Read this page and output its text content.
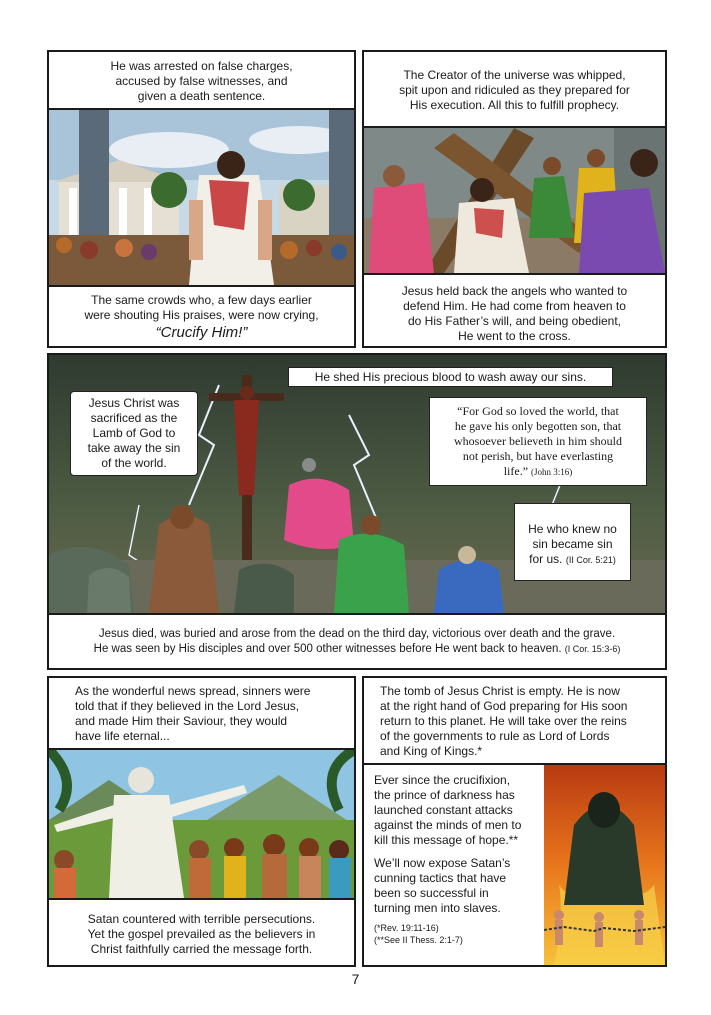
He was arrested on false charges,

accused by false witnesses, and

given a death sentence.

The same crowds who, a few days earlier

were shouting His praises, were now crying,

“Crucify Him!”

The Creator of the universe was whipped,

spit upon and ridiculed as they prepared for

His execution. All this to fulfill prophecy.

Jesus held back the angels who wanted to

defend Him. He had come from heaven to

do His Father’s will, and being obedient,

He went to the cross.

He shed His precious blood to wash away our sins.

Jesus Christ was

sacrificed as the

Lamb of God to

take away the sin

of the world.

“For God so loved the world, that

he gave his only begotten son, that

whosoever believeth in him should

not perish, but have everlasting

life.” (John 3:16)

He who knew no

sin became sin

for us. (II Cor. 5:21)

Jesus died, was buried and arose from the dead on the third day, victorious over death and the grave.

He was seen by His disciples and over 500 other witnesses before He went back to heaven. (I Cor. 15:3-6)

As the wonderful news spread, sinners were

told that if they believed in the Lord Jesus,

and made Him their Saviour, they would

have life eternal...

Satan countered with terrible persecutions.

Yet the gospel prevailed as the believers in

Christ faithfully carried the message forth.

The tomb of Jesus Christ is empty. He is now

at the right hand of God preparing for His soon

return to this planet. He will take over the reins

of the governments to rule as Lord of Lords

and King of Kings.*

Ever since the crucifixion,

the prince of darkness has

launched constant attacks

against the minds of men to

kill this message of hope.**

We’ll now expose Satan’s

cunning tactics that have

been so successful in

turning men into slaves.

(*Rev. 19:11-16)

(**See II Thess. 2:1-7)

7
